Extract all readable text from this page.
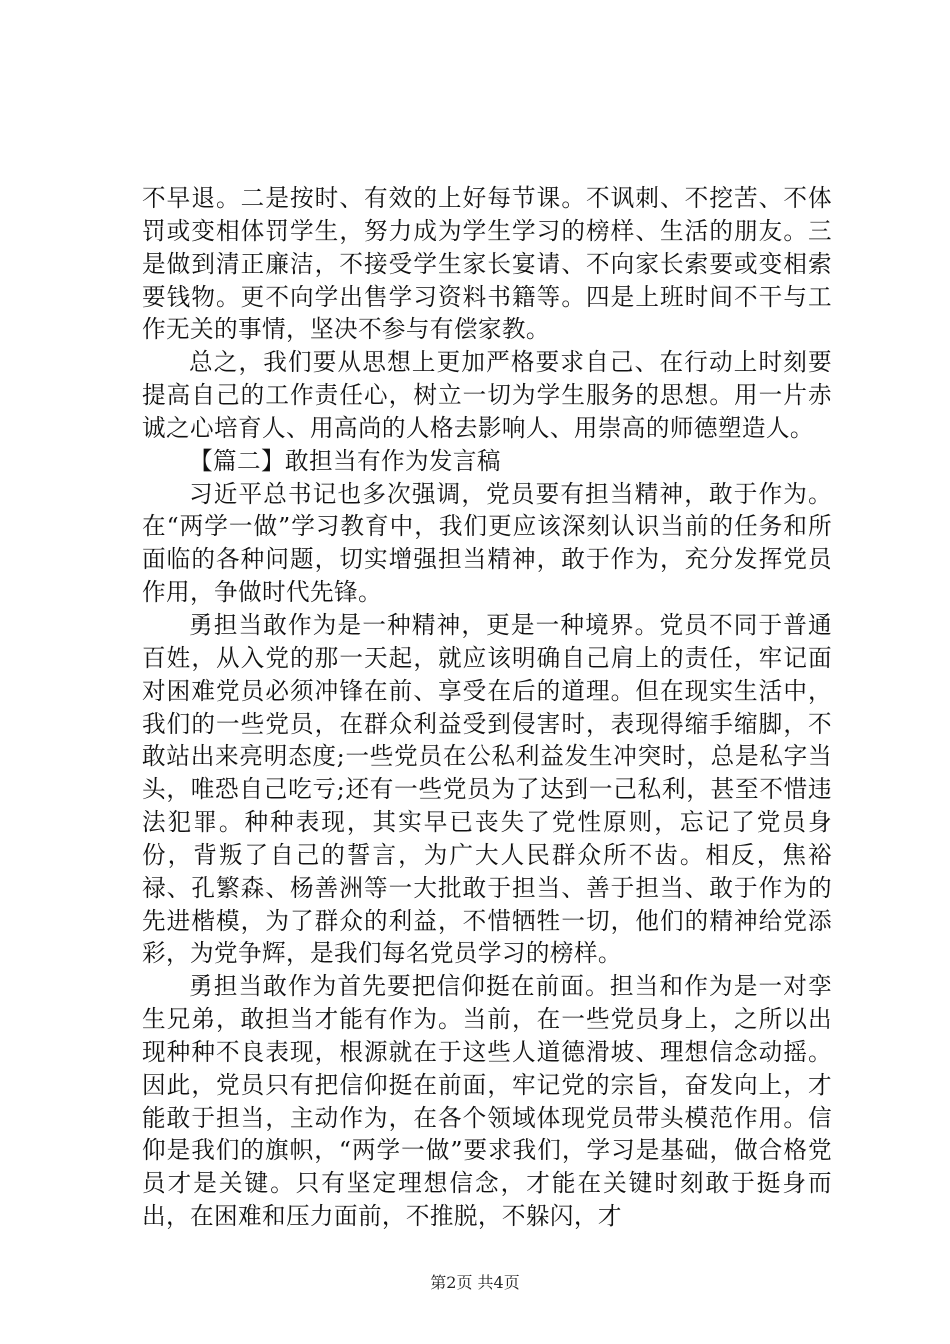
不早退。二是按时、有效的上好每节课。不讽刺、不挖苦、不体罚或变相体罚学生，努力成为学生学习的榜样、生活的朋友。三是做到清正廉洁，不接受学生家长宴请、不向家长索要或变相索要钱物。更不向学出售学习资料书籍等。四是上班时间不干与工作无关的事情，坚决不参与有偿家教。

总之，我们要从思想上更加严格要求自己、在行动上时刻要提高自己的工作责任心，树立一切为学生服务的思想。用一片赤诚之心培育人、用高尚的人格去影响人、用崇高的师德塑造人。

【篇二】敢担当有作为发言稿

习近平总书记也多次强调，党员要有担当精神，敢于作为。在“两学一做”学习教育中，我们更应该深刻认识当前的任务和所面临的各种问题，切实增强担当精神，敢于作为，充分发挥党员作用，争做时代先锋。

勇担当敢作为是一种精神，更是一种境界。党员不同于普通百姓，从入党的那一天起，就应该明确自己肩上的责任，牢记面对困难党员必须冲锋在前、享受在后的道理。但在现实生活中，我们的一些党员，在群众利益受到侵害时，表现得缩手缩脚，不敢站出来亮明态度;一些党员在公私利益发生冲突时，总是私字当头，唯恐自己吃亏;还有一些党员为了达到一己私利，甚至不惜违法犯罪。种种表现，其实早已丧失了党性原则，忘记了党员身份，背叛了自己的誓言，为广大人民群众所不齿。相反，焦裕禄、孔繁森、杨善洲等一大批敢于担当、善于担当、敢于作为的先进楷模，为了群众的利益，不惜牺牲一切，他们的精神给党添彩，为党争辉，是我们每名党员学习的榜样。

勇担当敢作为首先要把信仰挺在前面。担当和作为是一对孪生兄弟，敢担当才能有作为。当前，在一些党员身上，之所以出现种种不良表现，根源就在于这些人道德滑坡、理想信念动摇。因此，党员只有把信仰挺在前面，牢记党的宗旨，奋发向上，才能敢于担当，主动作为，在各个领域体现党员带头模范作用。信仰是我们的旗帜，“两学一做”要求我们，学习是基础，做合格党员才是关键。只有坚定理想信念，才能在关键时刻敢于挺身而出，在困难和压力面前，不推脱，不躲闪，才

第2页 共4页
